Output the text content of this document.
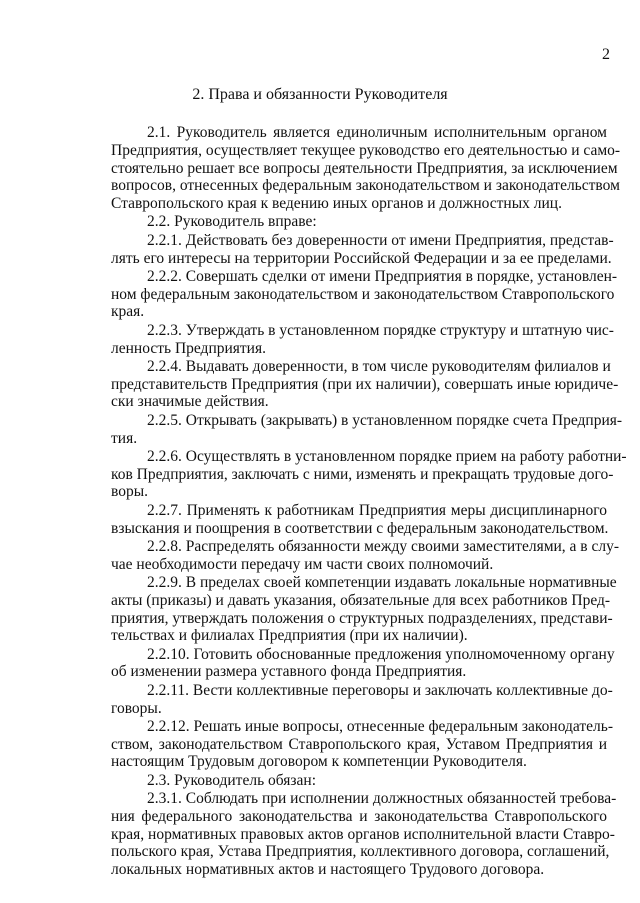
2
2. Права и обязанности Руководителя
2.1. Руководитель является единоличным исполнительным органом
Предприятия, осуществляет текущее руководство его деятельностью и само-
стоятельно решает все вопросы деятельности Предприятия, за исключением
вопросов, отнесенных федеральным законодательством и законодательством
Ставропольского края к ведению иных органов и должностных лиц.
2.2. Руководитель вправе:
2.2.1. Действовать без доверенности от имени Предприятия, представ-
лять его интересы на территории Российской Федерации и за ее пределами.
2.2.2. Совершать сделки от имени Предприятия в порядке, установлен-
ном федеральным законодательством и законодательством Ставропольского
края.
2.2.3. Утверждать в установленном порядке структуру и штатную чис-
ленность Предприятия.
2.2.4. Выдавать доверенности, в том числе руководителям филиалов и
представительств Предприятия (при их наличии), совершать иные юридиче-
ски значимые действия.
2.2.5. Открывать (закрывать) в установленном порядке счета Предприя-
тия.
2.2.6. Осуществлять в установленном порядке прием на работу работни-
ков Предприятия, заключать с ними, изменять и прекращать трудовые дого-
воры.
2.2.7. Применять к работникам Предприятия меры дисциплинарного
взыскания и поощрения в соответствии с федеральным законодательством.
2.2.8. Распределять обязанности между своими заместителями, а в слу-
чае необходимости передачу им части своих полномочий.
2.2.9. В пределах своей компетенции издавать локальные нормативные
акты (приказы) и давать указания, обязательные для всех работников Пред-
приятия, утверждать положения о структурных подразделениях, представи-
тельствах и филиалах Предприятия (при их наличии).
2.2.10. Готовить обоснованные предложения уполномоченному органу
об изменении размера уставного фонда Предприятия.
2.2.11. Вести коллективные переговоры и заключать коллективные до-
говоры.
2.2.12. Решать иные вопросы, отнесенные федеральным законодатель-
ством, законодательством Ставропольского края, Уставом Предприятия и
настоящим Трудовым договором к компетенции Руководителя.
2.3. Руководитель обязан:
2.3.1. Соблюдать при исполнении должностных обязанностей требова-
ния федерального законодательства и законодательства Ставропольского
края, нормативных правовых актов органов исполнительной власти Ставро-
польского края, Устава Предприятия, коллективного договора, соглашений,
локальных нормативных актов и настоящего Трудового договора.
